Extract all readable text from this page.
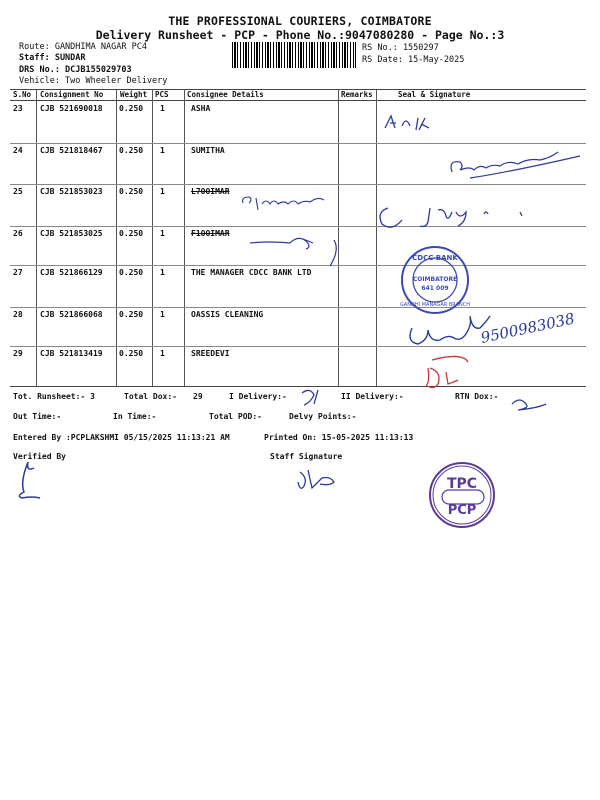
THE PROFESSIONAL COURIERS, COIMBATORE
Delivery Runsheet - PCP - Phone No.:9047080280 - Page No.:3
Route: GANDHIMA NAGAR PC4
Staff: SUNDAR
DRS No.: DCJB155029703
Vehicle: Two Wheeler Delivery
RS No.: 1550297
RS Date: 15-May-2025
S.No Consignment No Weight PCS Consignee Details	Remarks	Seal & Signature
23 CJB 521690018 0.250 1	ASHA
24 CJB 521818467 0.250 1	SUMITHA
25 CJB 521853023 0.250 1	L7OOIMAR
26 CJB 521853025 0.250 1	F1OOIMAR
27 CJB 521866129 0.250 1	THE MANAGER CDCC BANK LTD
28 CJB 521866068 0.250 1	OASSIS CLEANING
29 CJB 521813419 0.250 1	SREEDEVI
Tot. Runsheet:- 3	Total Dox:- 29	I Delivery:-	II Delivery:-	RTN Dox:-
Out Time:-	In Time:-	Total POD:-	Delvy Points:-
Entered By :PCPLAKSHMI 05/15/2025 11:13:21 AM	Printed On: 15-05-2025 11:13:13
Verified By	Staff Signature
CDCC BANK
COIMBATORE
641 009
GANDHI MANAGAR BRANCH
9500983038
TPC
PCP
